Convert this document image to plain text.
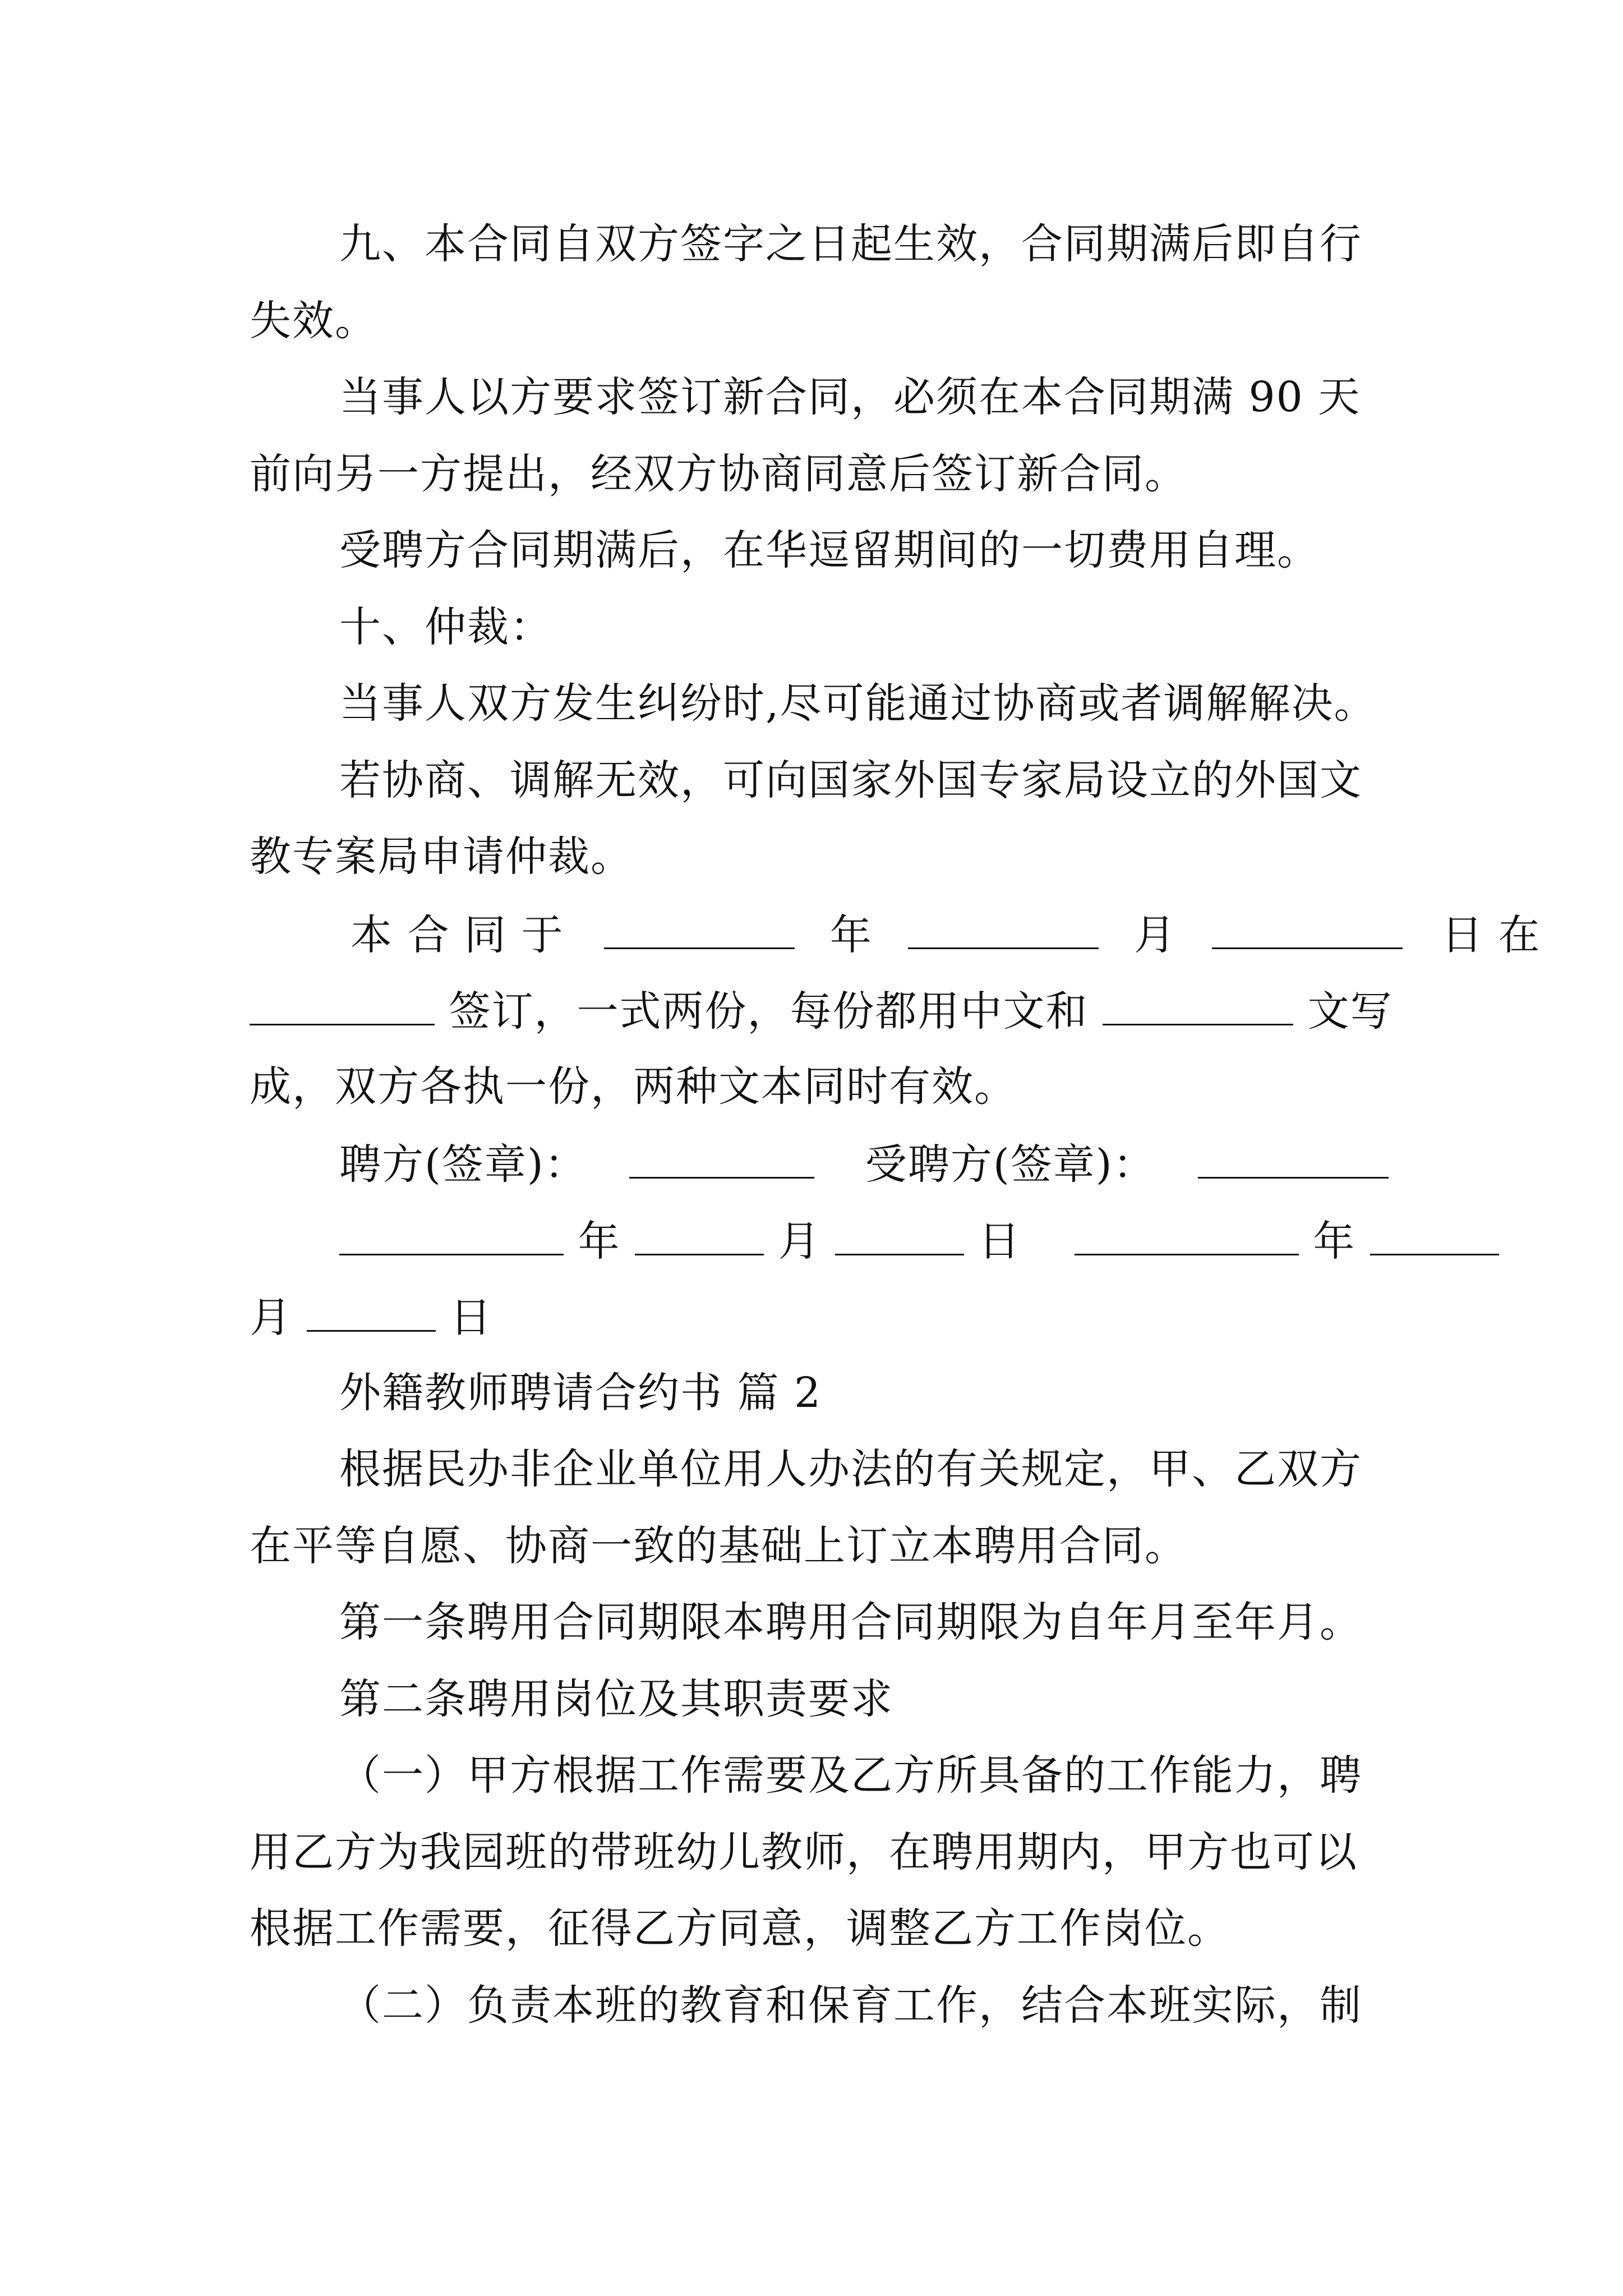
九、本合同自双方签字之日起生效，合同期满后即自行
失效。
当事人以方要求签订新合同，必须在本合同期满 90 天
前向另一方提出，经双方协商同意后签订新合同。
受聘方合同期满后，在华逗留期间的一切费用自理。
十、仲裁：
当事人双方发生纠纷时,尽可能通过协商或者调解解决。
若协商、调解无效，可向国家外国专家局设立的外国文
教专案局申请仲裁。
本 合 同 于	年	月	日 在
签订，一式两份，每份都用中文和	文写
成，双方各执一份，两种文本同时有效。
聘方(签章)：	受聘方(签章)：
年	月	日	年
月	日
外籍教师聘请合约书 篇 2
根据民办非企业单位用人办法的有关规定，甲、乙双方
在平等自愿、协商一致的基础上订立本聘用合同。
第一条聘用合同期限本聘用合同期限为自年月至年月。
第二条聘用岗位及其职责要求
（一）甲方根据工作需要及乙方所具备的工作能力，聘
用乙方为我园班的带班幼儿教师，在聘用期内，甲方也可以
根据工作需要，征得乙方同意，调整乙方工作岗位。
（二）负责本班的教育和保育工作，结合本班实际，制
